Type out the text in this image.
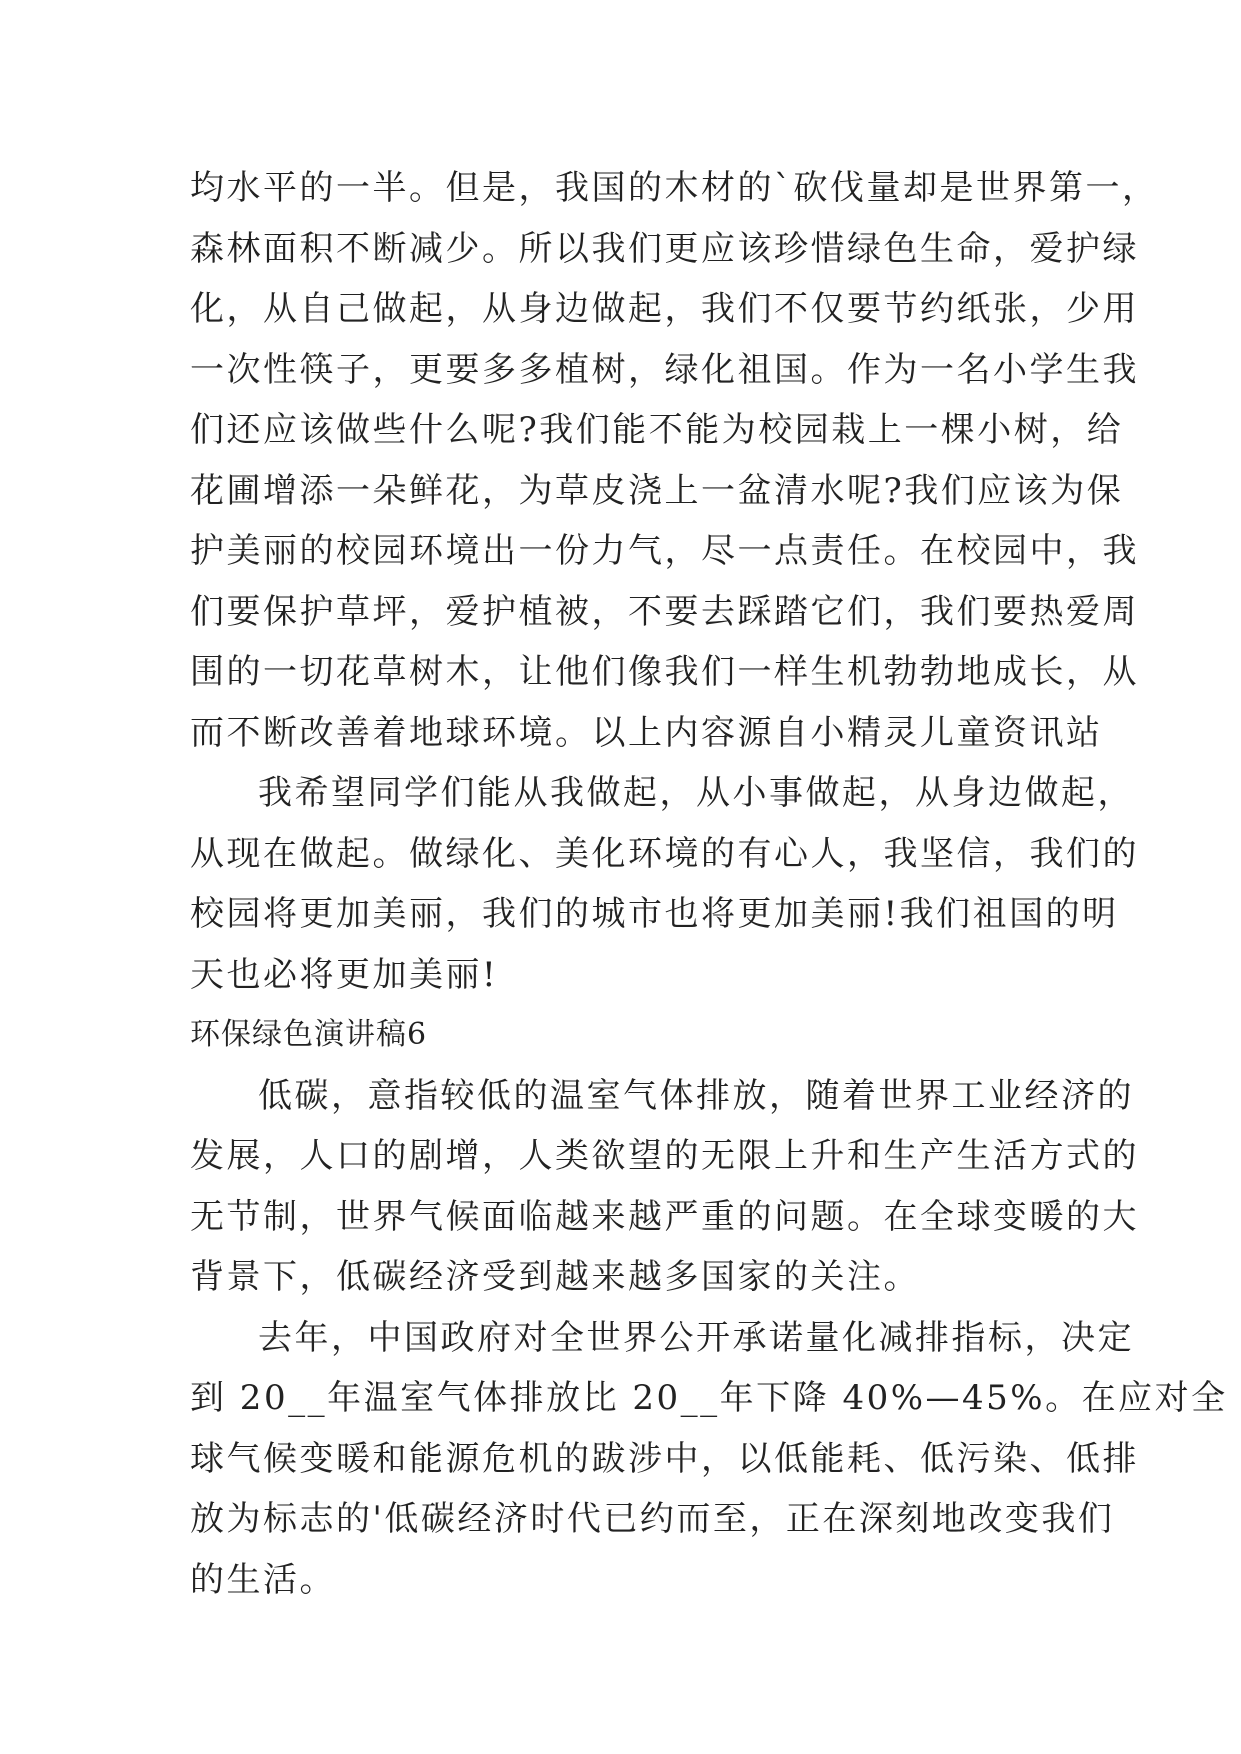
均水平的一半。但是，我国的木材的`砍伐量却是世界第一，
森林面积不断减少。所以我们更应该珍惜绿色生命，爱护绿
化，从自己做起，从身边做起，我们不仅要节约纸张，少用
一次性筷子，更要多多植树，绿化祖国。作为一名小学生我
们还应该做些什么呢?我们能不能为校园栽上一棵小树，给
花圃增添一朵鲜花，为草皮浇上一盆清水呢?我们应该为保
护美丽的校园环境出一份力气，尽一点责任。在校园中，我
们要保护草坪，爱护植被，不要去踩踏它们，我们要热爱周
围的一切花草树木，让他们像我们一样生机勃勃地成长，从
而不断改善着地球环境。以上内容源自小精灵儿童资讯站
我希望同学们能从我做起，从小事做起，从身边做起，
从现在做起。做绿化、美化环境的有心人，我坚信，我们的
校园将更加美丽，我们的城市也将更加美丽!我们祖国的明
天也必将更加美丽!
环保绿色演讲稿6
低碳，意指较低的温室气体排放，随着世界工业经济的
发展，人口的剧增，人类欲望的无限上升和生产生活方式的
无节制，世界气候面临越来越严重的问题。在全球变暖的大
背景下，低碳经济受到越来越多国家的关注。
去年，中国政府对全世界公开承诺量化减排指标，决定
到 20__年温室气体排放比 20__年下降 40%—45%。在应对全
球气候变暖和能源危机的跋涉中，以低能耗、低污染、低排
放为标志的'低碳经济时代已约而至，正在深刻地改变我们
的生活。
